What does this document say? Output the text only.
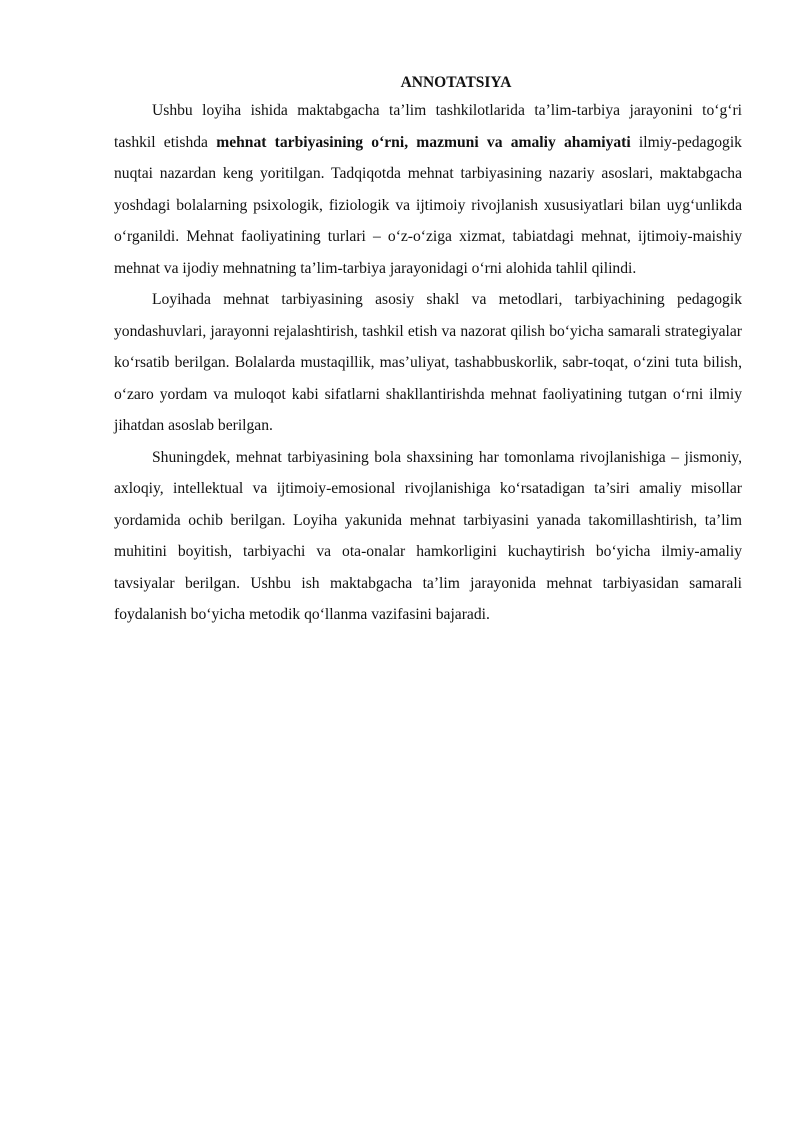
ANNOTATSIYA

Ushbu loyiha ishida maktabgacha ta’lim tashkilotlarida ta’lim-tarbiya jarayonini to‘g‘ri tashkil etishda mehnat tarbiyasining o‘rni, mazmuni va amaliy ahamiyati ilmiy-pedagogik nuqtai nazardan keng yoritilgan. Tadqiqotda mehnat tarbiyasining nazariy asoslari, maktabgacha yoshdagi bolalarning psixologik, fiziologik va ijtimoiy rivojlanish xususiyatlari bilan uyg‘unlikda o‘rganildi. Mehnat faoliyatining turlari – o‘z-o‘ziga xizmat, tabiatdagi mehnat, ijtimoiy-maishiy mehnat va ijodiy mehnatning ta’lim-tarbiya jarayonidagi o‘rni alohida tahlil qilindi.

Loyihada mehnat tarbiyasining asosiy shakl va metodlari, tarbiyachining pedagogik yondashuvlari, jarayonni rejalashtirish, tashkil etish va nazorat qilish bo‘yicha samarali strategiyalar ko‘rsatib berilgan. Bolalarda mustaqillik, mas’uliyat, tashabbuskorlik, sabr-toqat, o‘zini tuta bilish, o‘zaro yordam va muloqot kabi sifatlarni shakllantirishda mehnat faoliyatining tutgan o‘rni ilmiy jihatdan asoslab berilgan.

Shuningdek, mehnat tarbiyasining bola shaxsining har tomonlama rivojlanishiga – jismoniy, axloqiy, intellektual va ijtimoiy-emosional rivojlanishiga ko‘rsatadigan ta’siri amaliy misollar yordamida ochib berilgan. Loyiha yakunida mehnat tarbiyasini yanada takomillashtirish, ta’lim muhitini boyitish, tarbiyachi va ota-onalar hamkorligini kuchaytirish bo‘yicha ilmiy-amaliy tavsiyalar berilgan. Ushbu ish maktabgacha ta’lim jarayonida mehnat tarbiyasidan samarali foydalanish bo‘yicha metodik qo‘llanma vazifasini bajaradi.
